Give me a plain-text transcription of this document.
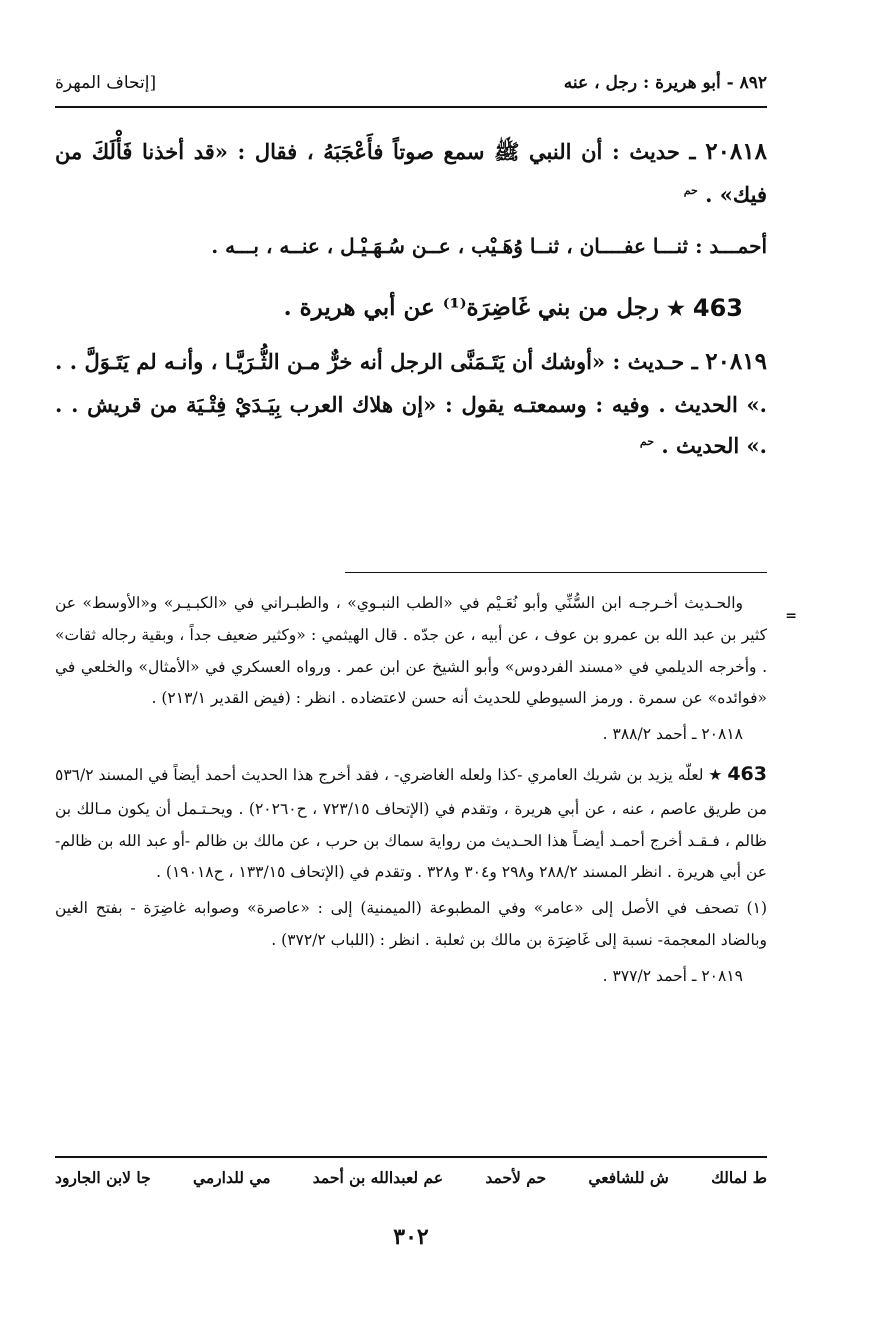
٨٩٢ - أبو هريرة : رجل ، عنه
[إتحاف المهرة

٢٠٨١٨ ـ حديث : أن النبي ﷺ سمع صوتاً فأَعْجَبَهُ ، فقال : «قد أخذنا فَأْلَكَ من فيك» . $^{حم}$

أحمـــد : ثنـــا عفــــان ، ثنــا وُهَـيْب ، عــن سُـهَـيْـل ، عنــه ، بـــه .

463
★
رجل من بني غَاضِرَة⁽¹⁾ عن أبي هريرة .

٢٠٨١٩ ـ حـديث : «أوشك أن يَتَـمَنَّى الرجل أنه خرٌّ مـن الثُّـرَيَّـا ، وأنـه لم يَتَـوَلَّ . . .» الحديث . وفيه : وسمعتـه يقول : «إن هلاك العرب بِيَـدَيْ فِتْـيَة من قريش . . .» الحديث . $^{حم}$

=

والحـديث أخـرجـه ابن السُّنِّي وأبو نُعَـيْم في «الطب النبـوي» ، والطبـراني في «الكبـيـر» و«الأوسط» عن كثير بن عبد الله بن عمرو بن عوف ، عن أبيه ، عن جدّه . قال الهيثمي : «وكثير ضعيف جداً ، وبقية رجاله ثقات» . وأخرجه الديلمي في «مسند الفردوس» وأبو الشيخ عن ابن عمر . ورواه العسكري في «الأمثال» والخلعي في «فوائده» عن سمرة . ورمز السيوطي للحديث أنه حسن لاعتضاده . انظر : (فيض القدير ٢١٣/١) .

٢٠٨١٨ ـ أحمد ٣٨٨/٢ .

463 ★ لعلّه يزيد بن شريك العامري -كذا ولعله الغاضري- ، فقد أخرج هذا الحديث أحمد أيضاً في المسند ٥٣٦/٢ من طريق عاصم ، عنه ، عن أبي هريرة ، وتقدم في (الإتحاف ٧٢٣/١٥ ، ح٢٠٢٦٠) . ويحـتـمل أن يكون مـالك بن ظالم ، فـقـد أخرج أحمـد أيضـاً هذا الحـديث من رواية سماك بن حرب ، عن مالك بن ظالم -أو عبد الله بن ظالم- عن أبي هريرة . انظر المسند ٢٨٨/٢ و٢٩٨ و٣٠٤ و٣٢٨ . وتقدم في (الإتحاف ١٣٣/١٥ ، ح١٩٠١٨) .

(١) تصحف في الأصل إلى «عامر» وفي المطبوعة (الميمنية) إلى : «عاصرة» وصوابه غاضِرَة - بفتح الغين وبالضاد المعجمة- نسبة إلى غَاضِرَة بن مالك بن ثعلبة . انظر : (اللباب ٣٧٢/٢) .

٢٠٨١٩ ـ أحمد ٣٧٧/٢ .

ط لمالك
ش للشافعي
حم لأحمد
عم لعبدالله بن أحمد
مي للدارمي
جا لابن الجارود
٣٠٢
